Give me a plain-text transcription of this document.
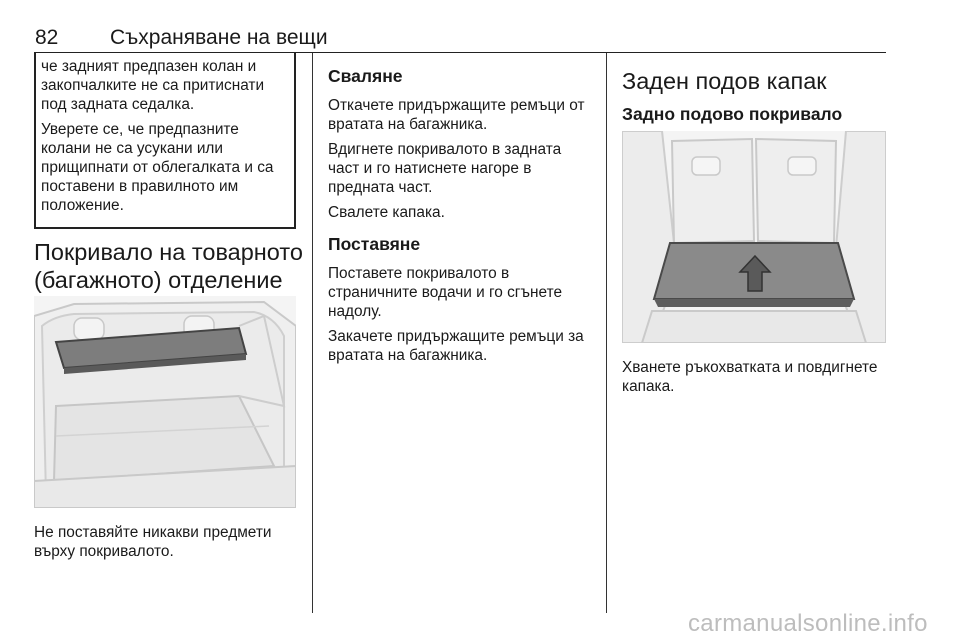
82 Съхраняване на вещи

че задният предпазен колан и закопчалките не са притиснати под задната седалка.

Уверете се, че предпазните колани не са усукани или прищипнати от облегалката и са поставени в правилното им положение.

Покривало на товарното (багажното) отделение
Не поставяйте никакви предмети върху покривалото.
Сваляне

Откачете придържащите ремъци от вратата на багажника.

Вдигнете покривалото в задната част и го натиснете нагоре в предната част.

Свалете капака.

Поставяне

Поставете покривалото в страничните водачи и го сгънете надолу.

Закачете придържащите ремъци за вратата на багажника.

Заден подов капак
Задно подово покривало
Хванете ръкохватката и повдигнете капака.
carmanualsonline.info
